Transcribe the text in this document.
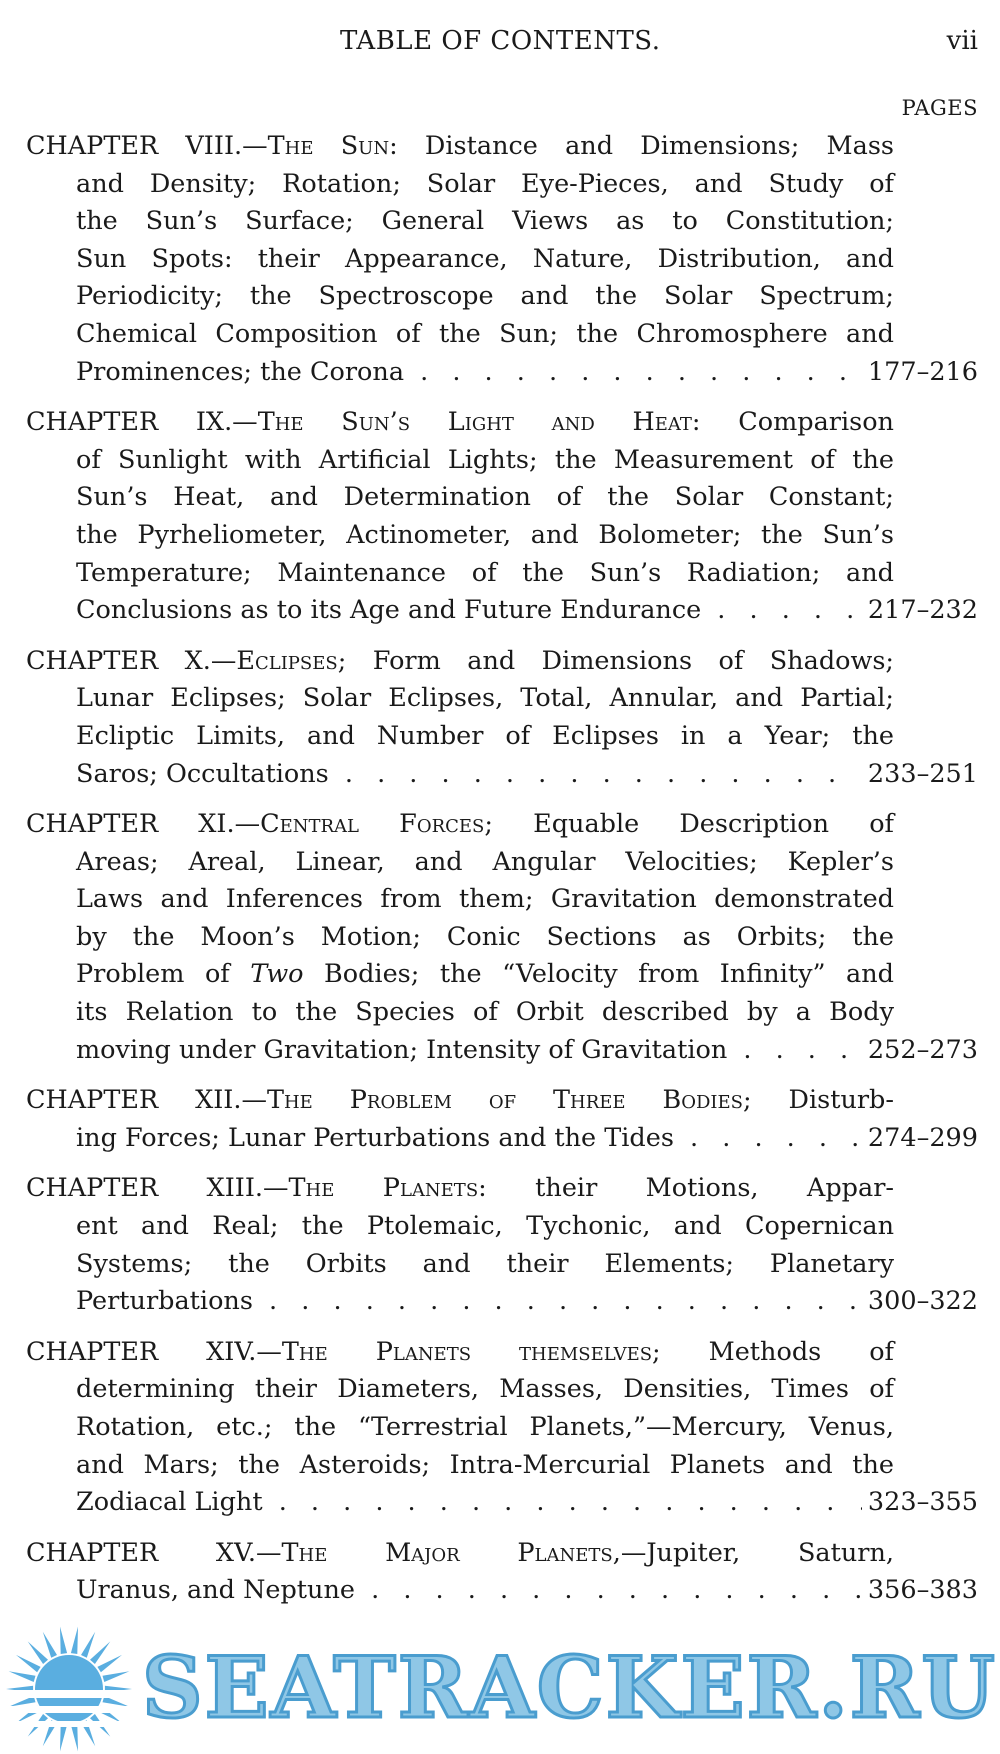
TABLE OF CONTENTS.	vii
PAGES
CHAPTER VIII.—The Sun: Distance and Dimensions; Mass
and Density; Rotation; Solar Eye-Pieces, and Study of
the Sun’s Surface; General Views as to Constitution;
Sun Spots: their Appearance, Nature, Distribution, and
Periodicity; the Spectroscope and the Solar Spectrum;
Chemical Composition of the Sun; the Chromosphere and
Prominences; the Corona . . .	177–216
CHAPTER IX.—The Sun’s Light and Heat: Comparison
of Sunlight with Artificial Lights; the Measurement of the
Sun’s Heat, and Determination of the Solar Constant;
the Pyrheliometer, Actinometer, and Bolometer; the Sun’s
Temperature; Maintenance of the Sun’s Radiation; and
Conclusions as to its Age and Future Endurance . . .	217–232
CHAPTER X.—Eclipses; Form and Dimensions of Shadows;
Lunar Eclipses; Solar Eclipses, Total, Annular, and Partial;
Ecliptic Limits, and Number of Eclipses in a Year; the
Saros; Occultations . . .	233–251
CHAPTER XI.—Central Forces; Equable Description of
Areas; Areal, Linear, and Angular Velocities; Kepler’s
Laws and Inferences from them; Gravitation demonstrated
by the Moon’s Motion; Conic Sections as Orbits; the
Problem of Two Bodies; the “Velocity from Infinity” and
its Relation to the Species of Orbit described by a Body
moving under Gravitation; Intensity of Gravitation . . .	252–273
CHAPTER XII.—The Problem of Three Bodies; Disturb-
ing Forces; Lunar Perturbations and the Tides . . .	274–299
CHAPTER XIII.—The Planets: their Motions, Appar-
ent and Real; the Ptolemaic, Tychonic, and Copernican
Systems; the Orbits and their Elements; Planetary
Perturbations . . .	300–322
CHAPTER XIV.—The Planets themselves; Methods of
determining their Diameters, Masses, Densities, Times of
Rotation, etc.; the “Terrestrial Planets,”—Mercury, Venus,
and Mars; the Asteroids; Intra-Mercurial Planets and the
Zodiacal Light . . .	323–355
CHAPTER XV.—The Major Planets,—Jupiter, Saturn,
Uranus, and Neptune . . .	356–383
SEATRACKER.RU
